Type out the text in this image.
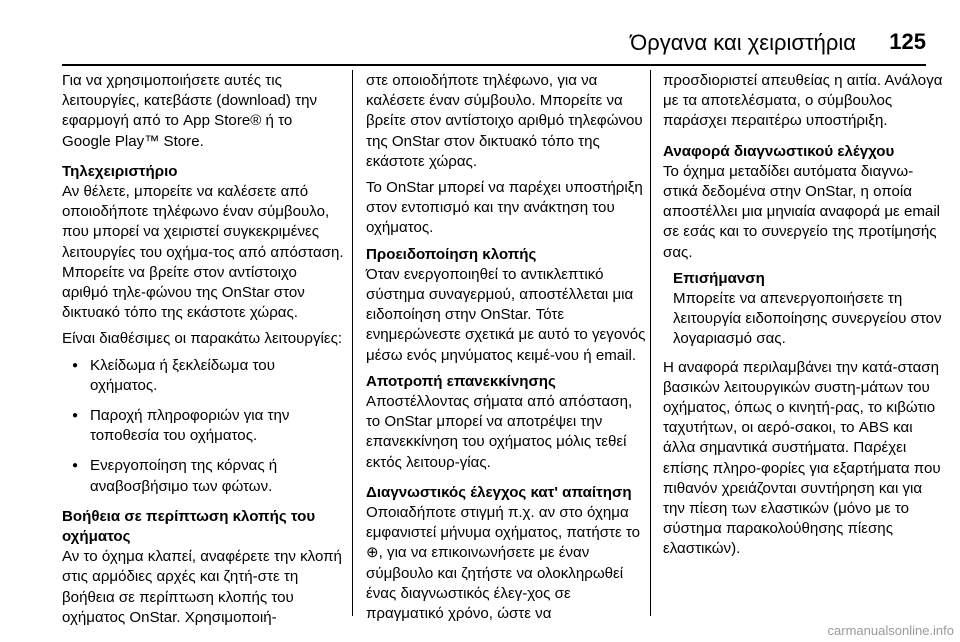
Όργανα και χειριστήρια 125

Για να χρησιμοποιήσετε αυτές τις λειτουργίες, κατεβάστε (download) την εφαρμογή από το App Store® ή το Google Play™ Store.

Τηλεχειριστήριο

Αν θέλετε, μπορείτε να καλέσετε από οποιοδήποτε τηλέφωνο έναν σύμβουλο, που μπορεί να χειριστεί συγκεκριμένες λειτουργίες του οχήμα-τος από απόσταση. Μπορείτε να βρείτε στον αντίστοιχο αριθμό τηλε-φώνου της OnStar στον δικτυακό τόπο της εκάστοτε χώρας.

Είναι διαθέσιμες οι παρακάτω λειτουργίες:

● Κλείδωμα ή ξεκλείδωμα του οχήματος.
● Παροχή πληροφοριών για την τοποθεσία του οχήματος.
● Ενεργοποίηση της κόρνας ή αναβοσβήσιμο των φώτων.
Βοήθεια σε περίπτωση κλοπής του οχήματος

Αν το όχημα κλαπεί, αναφέρετε την κλοπή στις αρμόδιες αρχές και ζητή-στε τη βοήθεια σε περίπτωση κλοπής του οχήματος OnStar. Χρησιμοποιή-

στε οποιοδήποτε τηλέφωνο, για να καλέσετε έναν σύμβουλο. Μπορείτε να βρείτε στον αντίστοιχο αριθμό τηλεφώνου της OnStar στον δικτυακό τόπο της εκάστοτε χώρας.

Το OnStar μπορεί να παρέχει υποστήριξη στον εντοπισμό και την ανάκτηση του οχήματος.

Προειδοποίηση κλοπής

Όταν ενεργοποιηθεί το αντικλεπτικό σύστημα συναγερμού, αποστέλλεται μια ειδοποίηση στην OnStar. Τότε ενημερώνεστε σχετικά με αυτό το γεγονός μέσω ενός μηνύματος κειμέ-νου ή email.

Αποτροπή επανεκκίνησης

Αποστέλλοντας σήματα από απόσταση, το OnStar μπορεί να αποτρέψει την επανεκκίνηση του οχήματος μόλις τεθεί εκτός λειτουρ-γίας.

Διαγνωστικός έλεγχος κατ' απαίτηση

Οποιαδήποτε στιγμή π.χ. αν στο όχημα εμφανιστεί μήνυμα οχήματος, πατήστε το ⊕, για να επικοινωνήσετε με έναν σύμβουλο και ζητήστε να ολοκληρωθεί ένας διαγνωστικός έλεγ-χος σε πραγματικό χρόνο, ώστε να

προσδιοριστεί απευθείας η αιτία. Ανάλογα με τα αποτελέσματα, ο σύμβουλος παράσχει περαιτέρω υποστήριξη.

Αναφορά διαγνωστικού ελέγχου

Το όχημα μεταδίδει αυτόματα διαγνω-στικά δεδομένα στην OnStar, η οποία αποστέλλει μια μηνιαία αναφορά με email σε εσάς και το συνεργείο της προτίμησής σας.

Επισήμανση
Μπορείτε να απενεργοποιήσετε τη λειτουργία ειδοποίησης συνεργείου στον λογαριασμό σας.

Η αναφορά περιλαμβάνει την κατά-σταση βασικών λειτουργικών συστη-μάτων του οχήματος, όπως ο κινητή-ρας, το κιβώτιο ταχυτήτων, οι αερό-σακοι, το ABS και άλλα σημαντικά συστήματα. Παρέχει επίσης πληρο-φορίες για εξαρτήματα που πιθανόν χρειάζονται συντήρηση και για την πίεση των ελαστικών (μόνο με το σύστημα παρακολούθησης πίεσης ελαστικών).

carmanualsonline.info
